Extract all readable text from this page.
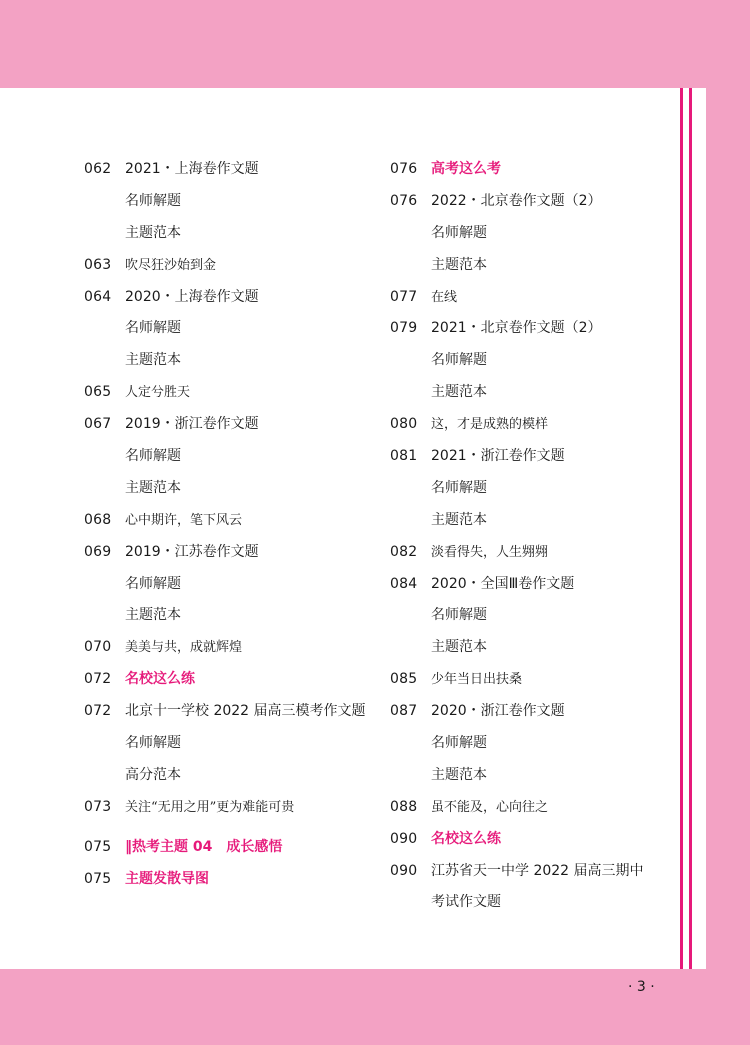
062 2021・上海卷作文题
名师解题
主题范本
063	吹尽狂沙始到金
064 2020・上海卷作文题
名师解题
主题范本
065	人定兮胜天
067 2019・浙江卷作文题
名师解题
主题范本
068	心中期许，笔下风云
069 2019・江苏卷作文题
名师解题
主题范本
070	美美与共，成就辉煌
072 名校这么练
072 北京十一学校 2022 届高三模考作文题
名师解题
高分范本
073	关注“无用之用”更为难能可贵
075 ‖热考主题 04　成长感悟
075 主题发散导图
076 高考这么考
076 2022・北京卷作文题（2）
名师解题
主题范本
077	在线
079 2021・北京卷作文题（2）
名师解题
主题范本
080	这，才是成熟的模样
081 2021・浙江卷作文题
名师解题
主题范本
082	淡看得失，人生翙翙
084 2020・全国Ⅲ卷作文题
名师解题
主题范本
085	少年当日出扶桑
087 2020・浙江卷作文题
名师解题
主题范本
088	虽不能及，心向往之
090 名校这么练
090 江苏省天一中学 2022 届高三期中
考试作文题
· 3 ·
